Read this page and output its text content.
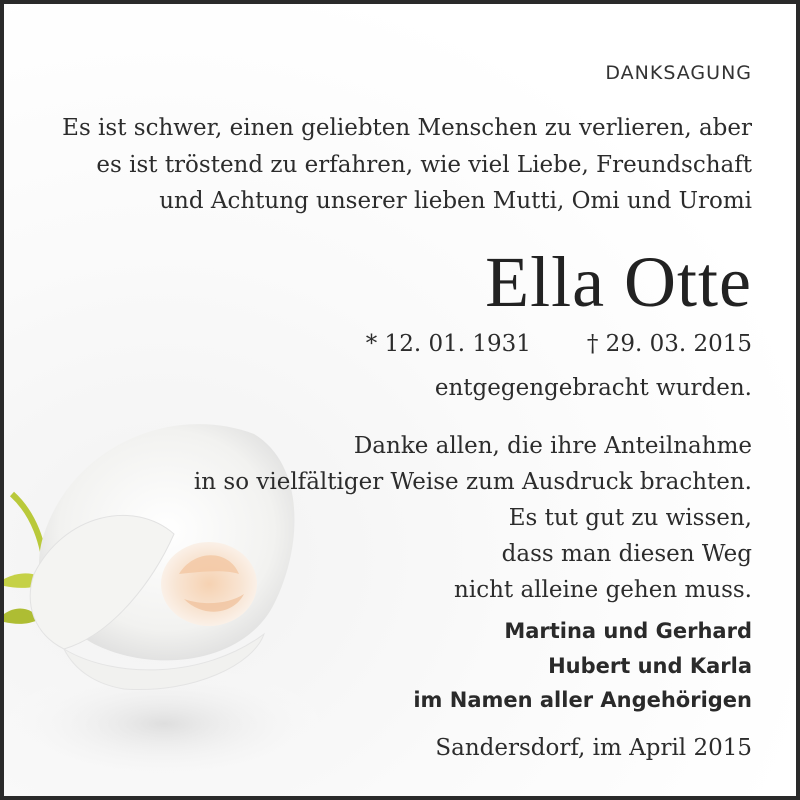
DANKSAGUNG
Es ist schwer, einen geliebten Menschen zu verlieren, aber
es ist tröstend zu erfahren, wie viel Liebe, Freundschaft
und Achtung unserer lieben Mutti, Omi und Uromi
Ella Otte
* 12. 01. 1931 † 29. 03. 2015
entgegengebracht wurden.
Danke allen, die ihre Anteilnahme
in so vielfältiger Weise zum Ausdruck brachten.
Es tut gut zu wissen,
dass man diesen Weg
nicht alleine gehen muss.
Martina und Gerhard
Hubert und Karla
im Namen aller Angehörigen
Sandersdorf, im April 2015
